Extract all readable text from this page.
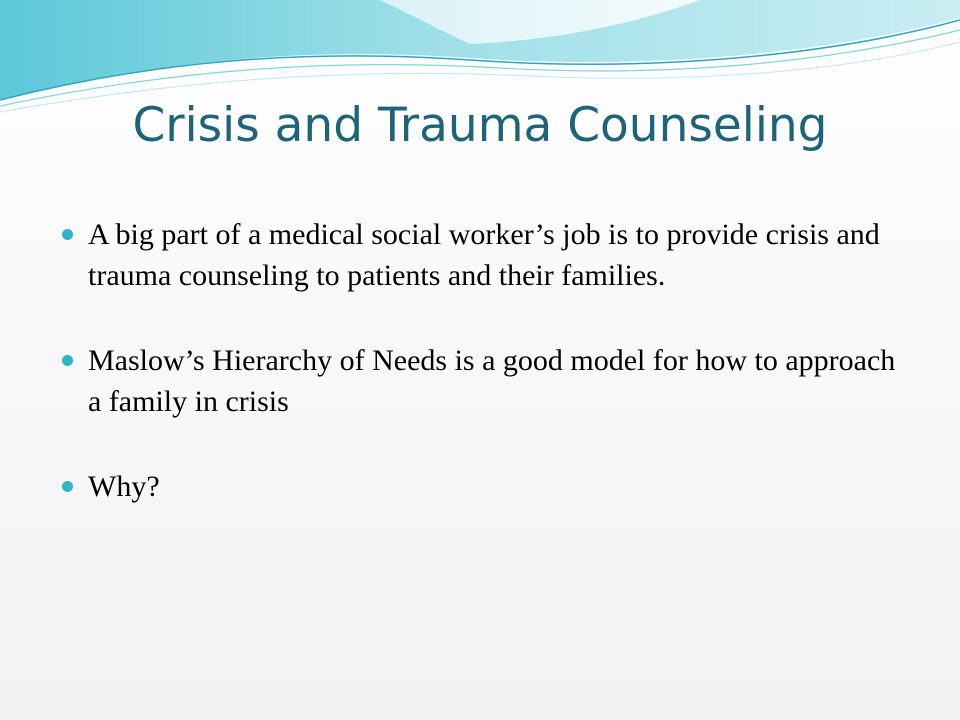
Crisis and Trauma Counseling
A big part of a medical social worker’s job is to provide crisis and trauma counseling to patients and their families.
Maslow’s Hierarchy of Needs is a good model for how to approach a family in crisis
Why?
